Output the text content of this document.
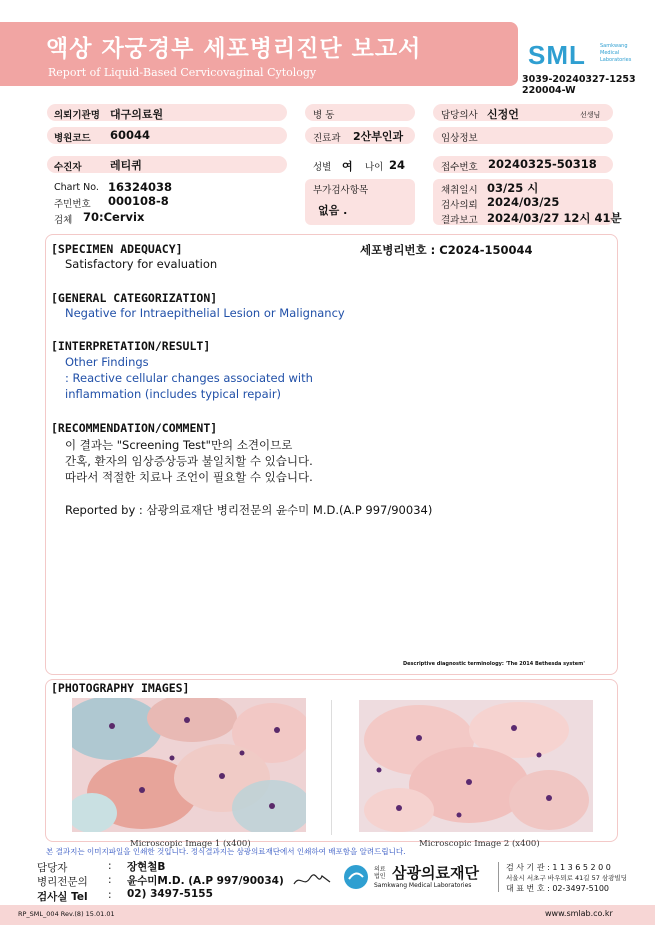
액상 자궁경부 세포병리진단 보고서
Report of Liquid-Based Cervicovaginal Cytology
SML	Samkwang Medical Laboratories
3039-20240327-1253
220004-W
의뢰기관명 대구의료원	병 동	담당의사 신정언	선생님
병원코드 60044	진료과 2산부인과	임상정보
수진자	레티퀴	성별 여 나이 24	접수번호 20240325-50318
Chart No. 16324038
주민번호 000108-8
검체 70:Cervix
부가검사항목
없음 .
채취일시 03/25 시
검사의뢰 2024/03/25
결과보고 2024/03/27 12시 41분
[SPECIMEN ADEQUACY]
Satisfactory for evaluation
세포병리번호 : C2024-150044
[GENERAL CATEGORIZATION]
Negative for Intraepithelial Lesion or Malignancy
[INTERPRETATION/RESULT]
Other Findings
: Reactive cellular changes associated with
inflammation (includes typical repair)
[RECOMMENDATION/COMMENT]
이 결과는 "Screening Test"만의 소견이므로
간혹, 환자의 임상증상등과 불일치할 수 있습니다.
따라서 적절한 치료나 조언이 필요할 수 있습니다.
Reported by : 삼광의료재단 병리전문의 윤수미 M.D.(A.P 997/90034)
Descriptive diagnostic terminology: 'The 2014 Bethesda system'
[PHOTOGRAPHY IMAGES]
Microscopic Image 1 (x400)	Microscopic Image 2 (x400)
본 결과지는 이미지파일을 인쇄한 것입니다. 정식결과지는 삼광의료재단에서 인쇄하여 배포함을 알려드립니다.
담당자	: 장현철B
병리전문의 : 윤수미M.D. (A.P 997/90034)
검사실 Tel : 02) 3497-5155
의료법인 삼광의료재단
Samkwang Medical Laboratories
검 사 기 관 : 1 1 3 6 5 2 0 0
서울시 서초구 바우뫼로 41길 57 삼광빌딩
대 표 번 호 : 02-3497-5100
RP_SML_004 Rev.(8) 15.01.01	www.smlab.co.kr
